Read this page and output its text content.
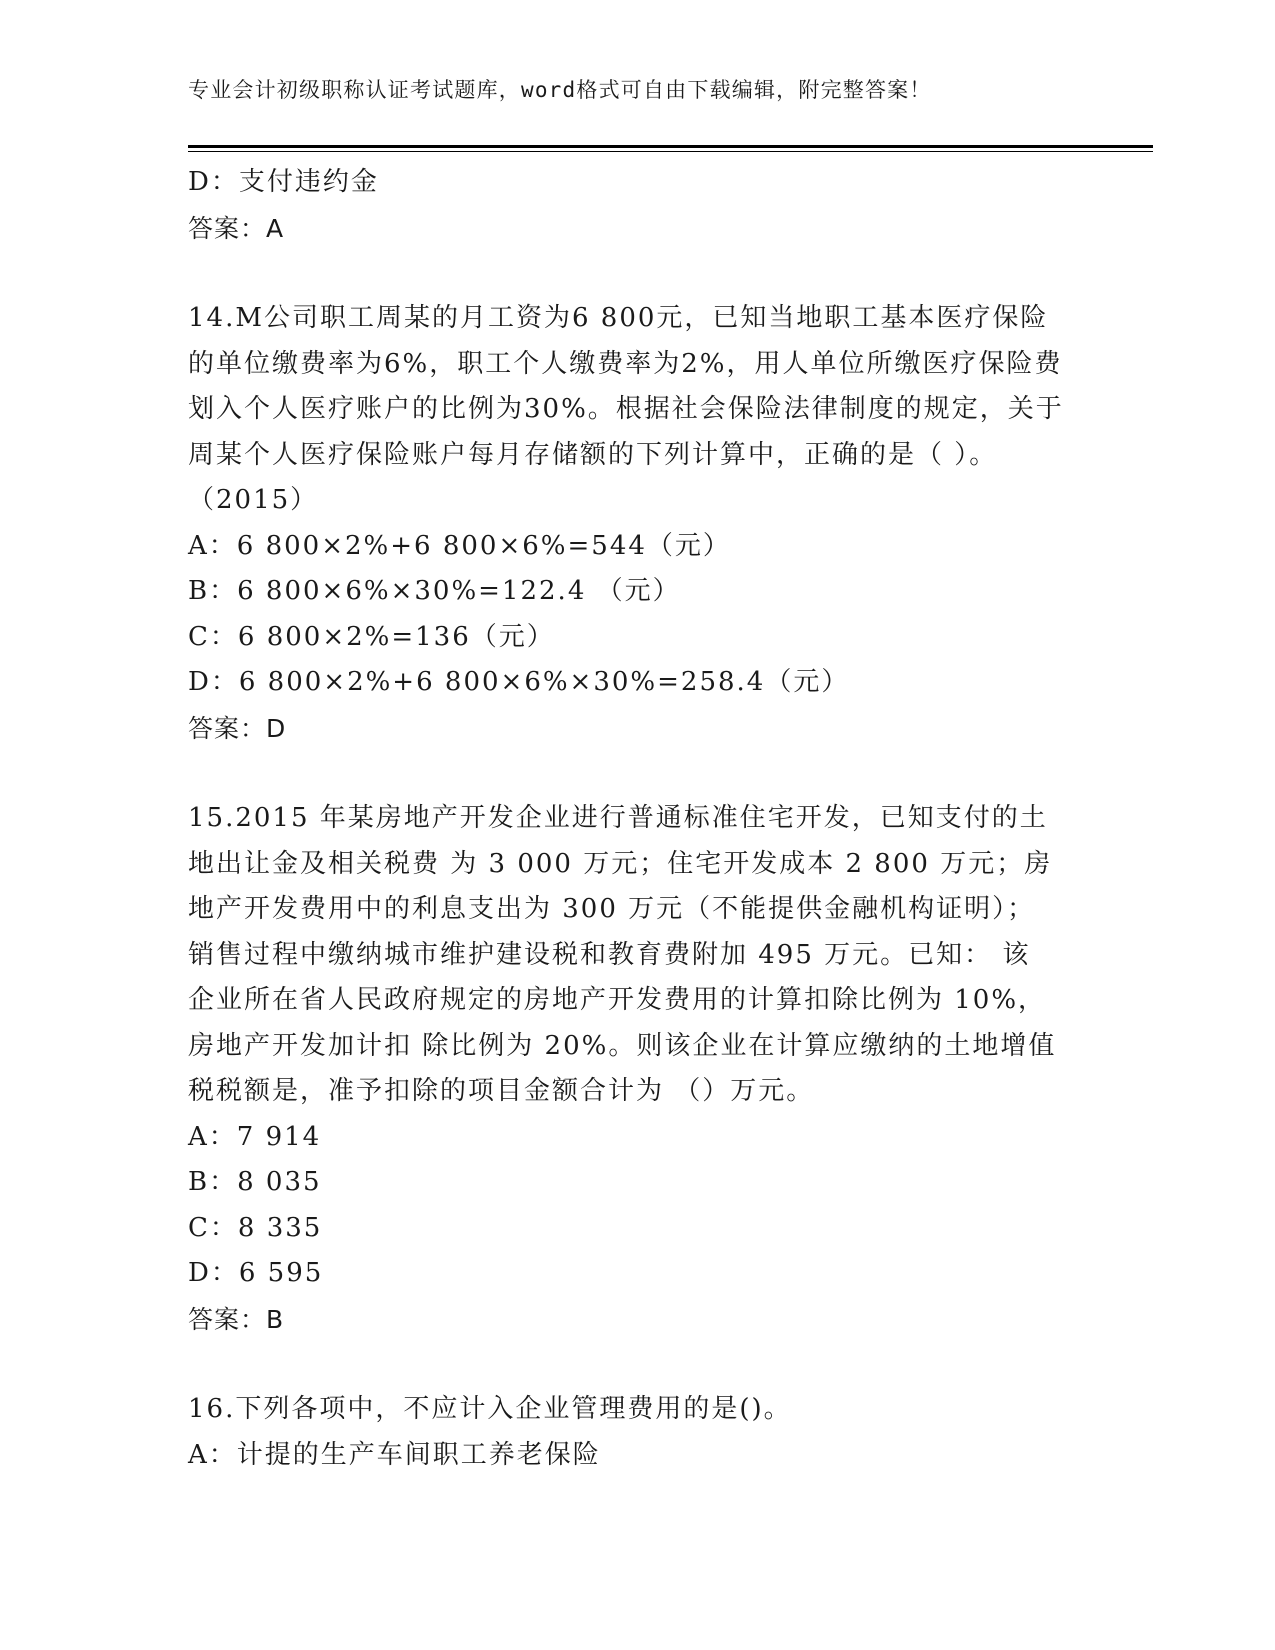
专业会计初级职称认证考试题库，word格式可自由下载编辑，附完整答案！
D：支付违约金
答案：A
14.M公司职工周某的月工资为6 800元，已知当地职工基本医疗保险
的单位缴费率为6%，职工个人缴费率为2%，用人单位所缴医疗保险费
划入个人医疗账户的比例为30%。根据社会保险法律制度的规定，关于
周某个人医疗保险账户每月存储额的下列计算中，正确的是（ ）。
（2015）
A：6 800×2%+6 800×6%=544（元）
B：6 800×6%×30%=122.4 （元）
C：6 800×2%=136（元）
D：6 800×2%+6 800×6%×30%=258.4（元）
答案：D
15.2015 年某房地产开发企业进行普通标准住宅开发，已知支付的土
地出让金及相关税费 为 3 000 万元；住宅开发成本 2 800 万元；房
地产开发费用中的利息支出为 300 万元（不能提供金融机构证明）；
销售过程中缴纳城市维护建设税和教育费附加 495 万元。已知： 该
企业所在省人民政府规定的房地产开发费用的计算扣除比例为 10%，
房地产开发加计扣 除比例为 20%。则该企业在计算应缴纳的土地增值
税税额是，准予扣除的项目金额合计为 （）万元。
A：7 914
B：8 035
C：8 335
D：6 595
答案：B
16.下列各项中，不应计入企业管理费用的是()。
A：计提的生产车间职工养老保险
